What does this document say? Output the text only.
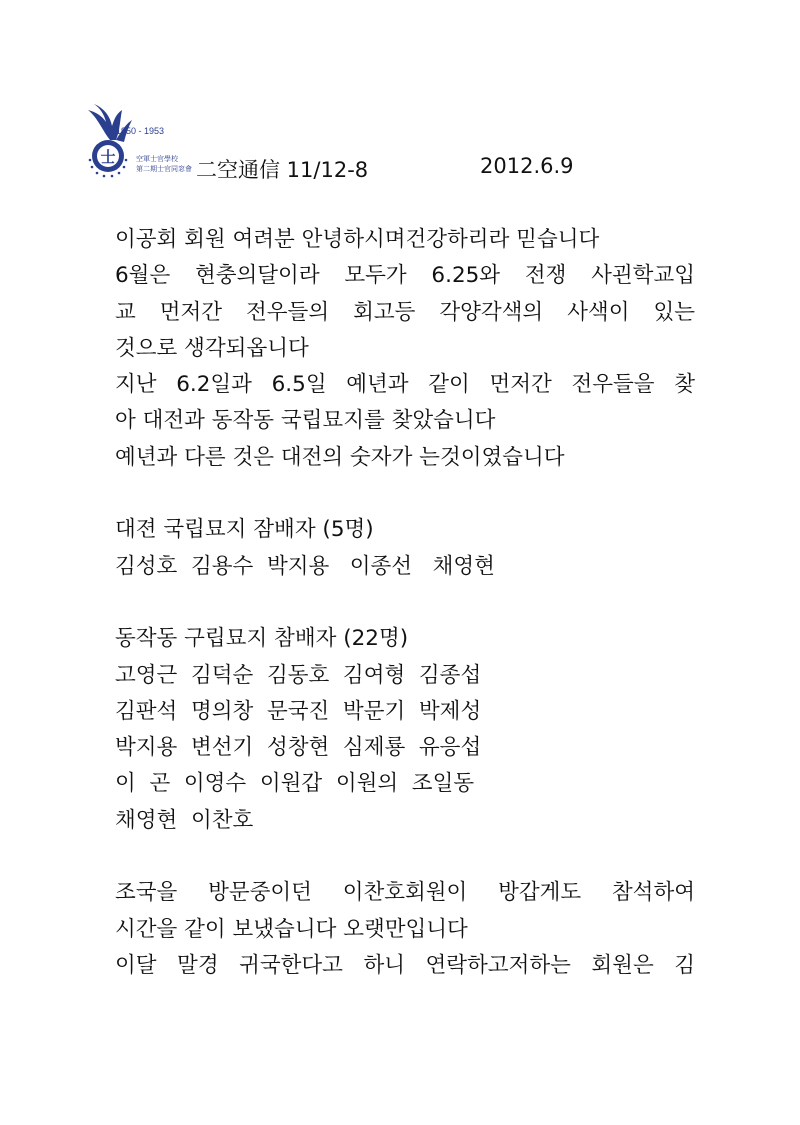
士
1950 - 1953
空軍士官學校
第二期士官同窓會 二空通信 11/12-8	2012.6.9
이공회 회원 여려분 안녕하시며건강하리라 믿습니다
6월은 현충의달이라 모두가 6.25와 전쟁 사괸학교입
교 먼저간 전우들의 회고등 각양각색의 사색이 있는
것으로 생각되옵니다
지난 6.2일과 6.5일 예년과 같이 먼저간 전우들을 찾
아 대전과 동작동 국립묘지를 찾았습니다
예년과 다른 것은 대전의 숫자가 는것이였습니다
대젼 국립묘지 잠배자 (5명)
김성호  김용수  박지용   이종선   채영현
동작동 구립묘지 참배자 (22명)
고영근  김덕순  김동호  김여형  김종섭
김판석  명의창  문국진  박문기  박제성
박지용  변선기  성창현  심제룡  유응섭
이  곤  이영수  이원갑  이원의  조일동
채영현  이찬호
조국을 방문중이던 이찬호회원이 방갑게도 참석하여
시간을 같이 보냈습니다 오랫만입니다
이달 말경 귀국한다고 하니 연락하고저하는 회원은 김
